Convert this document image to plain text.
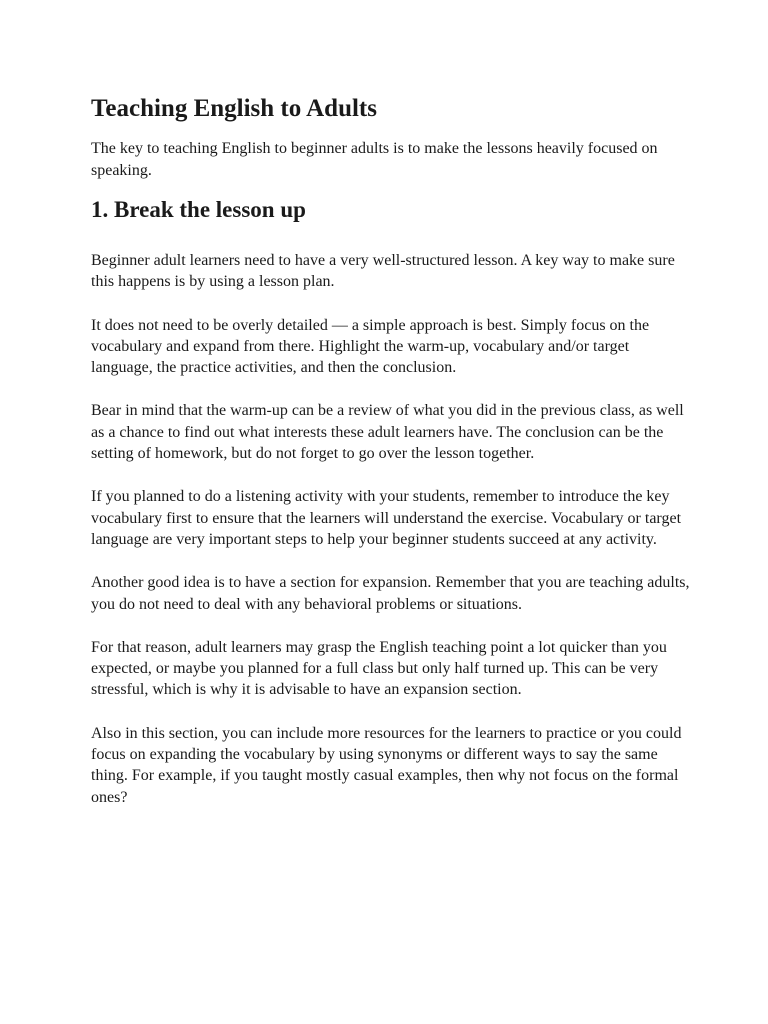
Teaching English to Adults

The key to teaching English to beginner adults is to make the lessons heavily focused on speaking.

1. Break the lesson up

Beginner adult learners need to have a very well-structured lesson. A key way to make sure this happens is by using a lesson plan.

It does not need to be overly detailed — a simple approach is best. Simply focus on the vocabulary and expand from there. Highlight the warm-up, vocabulary and/or target language, the practice activities, and then the conclusion.

Bear in mind that the warm-up can be a review of what you did in the previous class, as well as a chance to find out what interests these adult learners have. The conclusion can be the setting of homework, but do not forget to go over the lesson together.

If you planned to do a listening activity with your students, remember to introduce the key vocabulary first to ensure that the learners will understand the exercise. Vocabulary or target language are very important steps to help your beginner students succeed at any activity.

Another good idea is to have a section for expansion. Remember that you are teaching adults, you do not need to deal with any behavioral problems or situations.

For that reason, adult learners may grasp the English teaching point a lot quicker than you expected, or maybe you planned for a full class but only half turned up. This can be very stressful, which is why it is advisable to have an expansion section.

Also in this section, you can include more resources for the learners to practice or you could focus on expanding the vocabulary by using synonyms or different ways to say the same thing. For example, if you taught mostly casual examples, then why not focus on the formal ones?
